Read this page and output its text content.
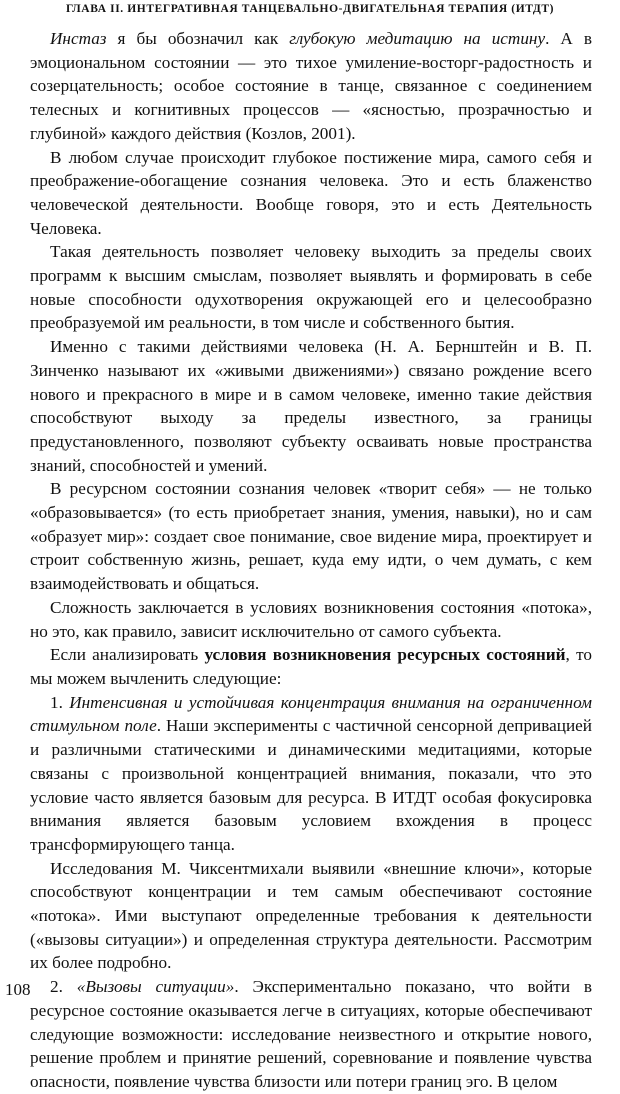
ГЛАВА II. ИНТЕГРАТИВНАЯ ТАНЦЕВАЛЬНО-ДВИГАТЕЛЬНАЯ ТЕРАПИЯ (ИТДТ)

Инстаз я бы обозначил как глубокую медитацию на истину. А в эмоциональном состоянии — это тихое умиление-восторг-радостность и созерцательность; особое состояние в танце, связанное с соединением телесных и когнитивных процессов — «ясностью, прозрачностью и глубиной» каждого действия (Козлов, 2001).

В любом случае происходит глубокое постижение мира, самого себя и преображение-обогащение сознания человека. Это и есть блаженство человеческой деятельности. Вообще говоря, это и есть Деятельность Человека.

Такая деятельность позволяет человеку выходить за пределы своих программ к высшим смыслам, позволяет выявлять и формировать в себе новые способности одухотворения окружающей его и целесообразно преобразуемой им реальности, в том числе и собственного бытия.

Именно с такими действиями человека (Н. А. Бернштейн и В. П. Зинченко называют их «живыми движениями») связано рождение всего нового и прекрасного в мире и в самом человеке, именно такие действия способствуют выходу за пределы известного, за границы предустановленного, позволяют субъекту осваивать новые пространства знаний, способностей и умений.

В ресурсном состоянии сознания человек «творит себя» — не только «образовывается» (то есть приобретает знания, умения, навыки), но и сам «образует мир»: создает свое понимание, свое видение мира, проектирует и строит собственную жизнь, решает, куда ему идти, о чем думать, с кем взаимодействовать и общаться.

Сложность заключается в условиях возникновения состояния «потока», но это, как правило, зависит исключительно от самого субъекта.

Если анализировать условия возникновения ресурсных состояний, то мы можем вычленить следующие:

1. Интенсивная и устойчивая концентрация внимания на ограниченном стимульном поле. Наши эксперименты с частичной сенсорной депривацией и различными статическими и динамическими медитациями, которые связаны с произвольной концентрацией внимания, показали, что это условие часто является базовым для ресурса. В ИТДТ особая фокусировка внимания является базовым условием вхождения в процесс трансформирующего танца.

Исследования М. Чиксентмихали выявили «внешние ключи», которые способствуют концентрации и тем самым обеспечивают состояние «потока». Ими выступают определенные требования к деятельности («вызовы ситуации») и определенная структура деятельности. Рассмотрим их более подробно.

2. «Вызовы ситуации». Экспериментально показано, что войти в ресурсное состояние оказывается легче в ситуациях, которые обеспечивают следующие возможности: исследование неизвестного и открытие нового, решение проблем и принятие решений, соревнование и появление чувства опасности, появление чувства близости или потери границ эго. В целом

108
